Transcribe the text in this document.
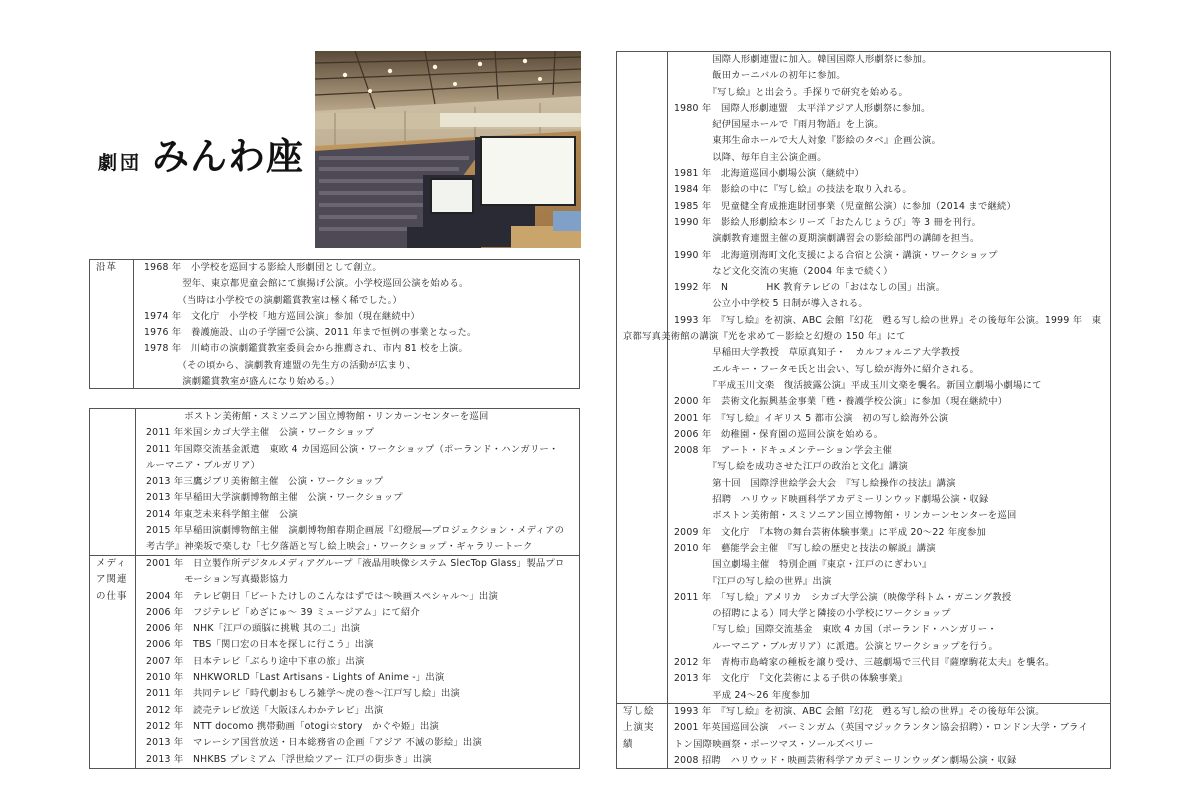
劇団 みんわ座
沿革	1968 年　小学校を巡回する影絵人形劇団として創立。
　　　　翌年、東京都児童会館にて旗揚げ公演。小学校巡回公演を始める。
　　　　（当時は小学校での演劇鑑賞教室は極く稀でした。）
1974 年　文化庁　小学校「地方巡回公演」参加（現在継続中）
1976 年　養護施設、山の子学園で公演、2011 年まで恒例の事業となった。
1978 年　川崎市の演劇鑑賞教室委員会から推薦され、市内 81 校を上演。
　　　　（その頃から、演劇教育連盟の先生方の活動が広まり、
　　　　演劇鑑賞教室が盛んになり始める。）
　　　　ボストン美術館・スミソニアン国立博物館・リンカーンセンターを巡回
2011 年米国シカゴ大学主催　公演・ワークショップ
2011 年国際交流基金派遣　東欧 4 カ国巡回公演・ワークショップ（ポーランド・ハンガリー・
ルーマニア・ブルガリア）
2013 年三鷹ジブリ美術館主催　公演・ワークショップ
2013 年早稲田大学演劇博物館主催　公演・ワークショップ
2014 年東芝未来科学館主催　公演
2015 年早稲田演劇博物館主催　演劇博物館春期企画展『幻燈展―プロジェクション・メディアの
考古学』神楽坂で楽しむ「七夕落語と写し絵上映会」・ワークショップ・ギャラリートーク
メディ
ア関連
の仕事
2001 年　日立製作所デジタルメディアグループ「液晶用映像システム SlecTop Glass」製品プロ
　　　　モーション写真撮影協力
2004 年　テレビ朝日「ビートたけしのこんなはずでは～映画スペシャル～」出演
2006 年　フジテレビ「めざにゅ～ 39 ミュージアム」にて紹介
2006 年　NHK「江戸の頭脳に挑戦 其の二」出演
2006 年　TBS「関口宏の日本を探しに行こう」出演
2007 年　日本テレビ「ぶらり途中下車の旅」出演
2010 年　NHKWORLD「Last Artisans - Lights of Anime -」出演
2011 年　共同テレビ「時代劇おもしろ雑学～虎の巻～江戸写し絵」出演
2012 年　読売テレビ放送「大阪ほんわかテレビ」出演
2012 年　NTT docomo 携帯動画「otogi☆story　かぐや姫」出演
2013 年　マレーシア国営放送・日本総務省の企画「アジア 不滅の影絵」出演
2013 年　NHKBS プレミアム「浮世絵ツアー 江戸の街歩き」出演
　　　　国際人形劇連盟に加入。韓国国際人形劇祭に参加。
　　　　飯田カーニバルの初年に参加。
　　　　『写し絵』と出会う。手探りで研究を始める。
1980 年　国際人形劇連盟　太平洋アジア人形劇祭に参加。
　　　　紀伊国屋ホールで『雨月物語』を上演。
　　　　東邦生命ホールで大人対象『影絵のタベ』企画公演。
　　　　以降、毎年自主公演企画。
1981 年　北海道巡回小劇場公演（継続中）
1984 年　影絵の中に『写し絵』の技法を取り入れる。
1985 年　児童健全育成推進財団事業（児童館公演）に参加（2014 まで継続）
1990 年　影絵人形劇絵本シリーズ「おたんじょうび」等 3 冊を刊行。
　　　　演劇教育連盟主催の夏期演劇講習会の影絵部門の講師を担当。
1990 年　北海道別海町文化支援による合宿と公演・講演・ワークショップ
　　　　など文化交流の実施（2004 年まで続く）
1992 年　N　　　　HK 教育テレビの「おはなしの国」出演。
　　　　公立小中学校 5 日制が導入される。
1993 年　『写し絵』を初演、ABC 会館『幻花　甦る写し絵の世界』その後毎年公演。1999 年　東
京都写真美術館の講演『光を求めて－影絵と幻燈の 150 年』にて
　　　　早稲田大学教授　草原真知子・　カルフォルニア大学教授
　　　　エルキー・フータモ氏と出会い、写し絵が海外に紹介される。
　　　　『平成玉川文楽　復活披露公演』平成玉川文楽を襲名。新国立劇場小劇場にて
2000 年　芸術文化振興基金事業「甦・養護学校公演」に参加（現在継続中）
2001 年　『写し絵』イギリス 5 都市公演　初の写し絵海外公演
2006 年　幼稚園・保育園の巡回公演を始める。
2008 年　アート・ドキュメンテーション学会主催
　　　　『写し絵を成功させた江戸の政治と文化』講演
　　　　第十回　国際浮世絵学会大会　『写し絵操作の技法』講演
　　　　招聘　ハリウッド映画科学アカデミーリンウッド劇場公演・収録
　　　　ボストン美術館・スミソニアン国立博物館・リンカーンセンターを巡回
2009 年　文化庁　『本物の舞台芸術体験事業』に平成 20～22 年度参加
2010 年　藝能学会主催　『写し絵の歴史と技法の解説』講演
　　　　国立劇場主催　特別企画『東京・江戸のにぎわい』
　　　　『江戸の写し絵の世界』出演
2011 年　「写し絵」アメリカ　シカゴ大学公演（映像学科トム・ガニング教授
　　　　の招聘による）同大学と隣接の小学校にワークショップ
　　　　「写し絵」国際交流基金　東欧 4 カ国（ポーランド・ハンガリー・
　　　　ルーマニア・ブルガリア）に派遣。公演とワークショップを行う。
2012 年　青梅市島崎家の種板を譲り受け、三越劇場で三代目『薩摩駒花太夫』を襲名。
2013 年　文化庁　『文化芸術による子供の体験事業』
　　　　平成 24～26 年度参加
写し絵
上演実
績
1993 年　『写し絵』を初演、ABC 会館『幻花　甦る写し絵の世界』その後毎年公演。
2001 年英国巡回公演　バーミンガム（英国マジックランタン協会招聘）・ロンドン大学・ブライ
トン国際映画祭・ポーツマス・ソールズベリー
2008 招聘　ハリウッド・映画芸術科学アカデミーリンウッダン劇場公演・収録
